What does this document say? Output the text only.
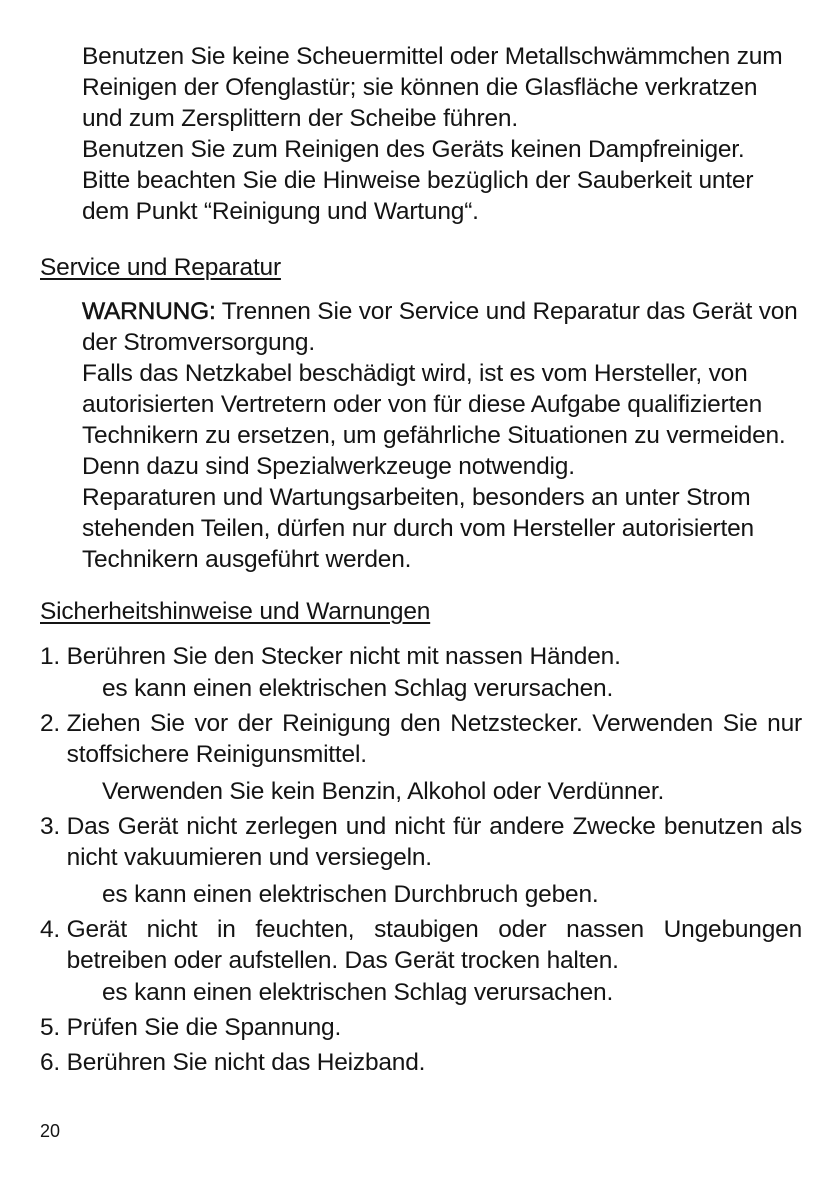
Benutzen Sie keine Scheuermittel oder Metallschwämmchen zum Reinigen der Ofenglastür; sie können die Glasfläche verkratzen und zum Zersplittern der Scheibe führen.

Benutzen Sie zum Reinigen des Geräts keinen Dampfreiniger.

Bitte beachten Sie die Hinweise bezüglich der Sauberkeit unter dem Punkt “Reinigung und Wartung“.

Service und Reparatur

WARNUNG: Trennen Sie vor Service und Reparatur das Gerät von der Stromversorgung.

Falls das Netzkabel beschädigt wird, ist es vom Hersteller, von autorisierten Vertretern oder von für diese Aufgabe qualifizierten Technikern zu ersetzen, um gefährliche Situationen zu vermeiden. Denn dazu sind Spezialwerkzeuge notwendig.

Reparaturen und Wartungsarbeiten, besonders an unter Strom stehenden Teilen, dürfen nur durch vom Hersteller autorisierten Technikern ausgeführt werden.

Sicherheitshinweise und Warnungen
1.
Berühren Sie den Stecker nicht mit nassen Händen.
es kann einen elektrischen Schlag verursachen.
2.
Ziehen Sie vor der Reinigung den Netzstecker. Verwenden Sie nur stoffsichere Reinigunsmittel.
Verwenden Sie kein Benzin, Alkohol oder Verdünner.
3.
Das Gerät nicht zerlegen und nicht für andere Zwecke benutzen als nicht vakuumieren und versiegeln.
es kann einen elektrischen Durchbruch geben.
4.
Gerät nicht in feuchten, staubigen oder nassen Ungebungen betreiben oder aufstellen. Das Gerät trocken halten.
es kann einen elektrischen Schlag verursachen.
5.
Prüfen Sie die Spannung.
6.
Berühren Sie nicht das Heizband.
20
